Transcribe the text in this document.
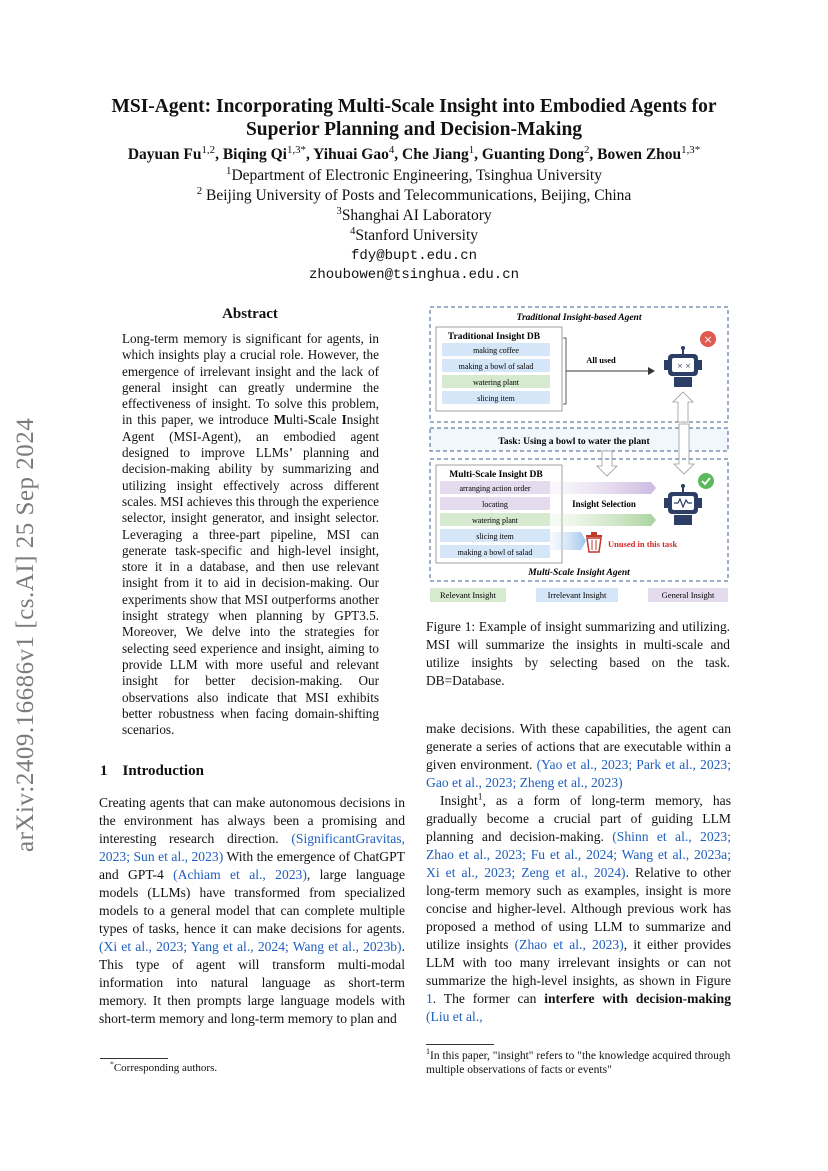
arXiv:2409.16686v1 [cs.AI] 25 Sep 2024
MSI-Agent: Incorporating Multi-Scale Insight into Embodied Agents for
Superior Planning and Decision-Making
Dayuan Fu$^{1,2}$, Biqing $Qi^{1,3*}$, Yihuai Gao$^4$, Che Jiang$^1$, Guanting Dong$^2$, Bowen Zhou$^{1,3*}$
$^1$Department of Electronic Engineering, Tsinghua University
$^2$ Beijing University of Posts and Telecommunications, Beijing, China
$^3$Shanghai AI Laboratory
$^4$Stanford University
fdy@bupt.edu.cn
zhoubowen@tsinghua.edu.cn
Abstract
Long-term memory is significant for agents, in which insights play a crucial role. However, the emergence of irrelevant insight and the lack of general insight can greatly undermine the effectiveness of insight. To solve this problem, in this paper, we introduce Multi-Scale Insight Agent (MSI-Agent), an embodied agent designed to improve LLMs’ planning and decision-making ability by summarizing and utilizing insight effectively across different scales. MSI achieves this through the experience selector, insight generator, and insight selector. Leveraging a three-part pipeline, MSI can generate task-specific and high-level insight, store it in a database, and then use relevant insight from it to aid in decision-making. Our experiments show that MSI outperforms another insight strategy when planning by GPT3.5. Moreover, We delve into the strategies for selecting seed experience and insight, aiming to provide LLM with more useful and relevant insight for better decision-making. Our observations also indicate that MSI exhibits better robustness when facing domain-shifting scenarios.
1 Introduction
Creating agents that can make autonomous decisions in the environment has always been a promising and interesting research direction. (SignificantGravitas, 2023; Sun et al., 2023) With the emergence of ChatGPT and GPT-4 (Achiam et al., 2023), large language models (LLMs) have transformed from specialized models to a general model that can complete multiple types of tasks, hence it can make decisions for agents. (Xi et al., 2023; Yang et al., 2024; Wang et al., 2023b). This type of agent will transform multi-modal information into natural language as short-term memory. It then prompts large language models with short-term memory and long-term memory to plan and
*Corresponding authors.
Traditional Insight-based Agent
Traditional Insight DB
making coffee
making a bowl of salad
watering plant
slicing item
All used
× ×
×
Task: Using a bowl to water the plant
Multi-Scale Insight DB
arranging action order
locating
watering plant
slicing item
making a bowl of salad
Insight Selection
Unused in this task
Multi-Scale Insight Agent
Relevant Insight	Irrelevant Insight	General Insight
Figure 1: Example of insight summarizing and utilizing. MSI will summarize the insights in multi-scale and utilize insights by selecting based on the task. DB=Database.
make decisions. With these capabilities, the agent can generate a series of actions that are executable within a given environment. (Yao et al., 2023; Park et al., 2023; Gao et al., 2023; Zheng et al., 2023)
Insight$^1$, as a form of long-term memory, has gradually become a crucial part of guiding LLM planning and decision-making. (Shinn et al., 2023; Zhao et al., 2023; Fu et al., 2024; Wang et al., 2023a; Xi et al., 2023; Zeng et al., 2024). Relative to other long-term memory such as examples, insight is more concise and higher-level. Although previous work has proposed a method of using LLM to summarize and utilize insights (Zhao et al., 2023), it either provides LLM with too many irrelevant insights or can not summarize the high-level insights, as shown in Figure 1. The former can interfere with decision-making (Liu et al.,
$^1$In this paper, "insight" refers to "the knowledge acquired through multiple observations of facts or events"
